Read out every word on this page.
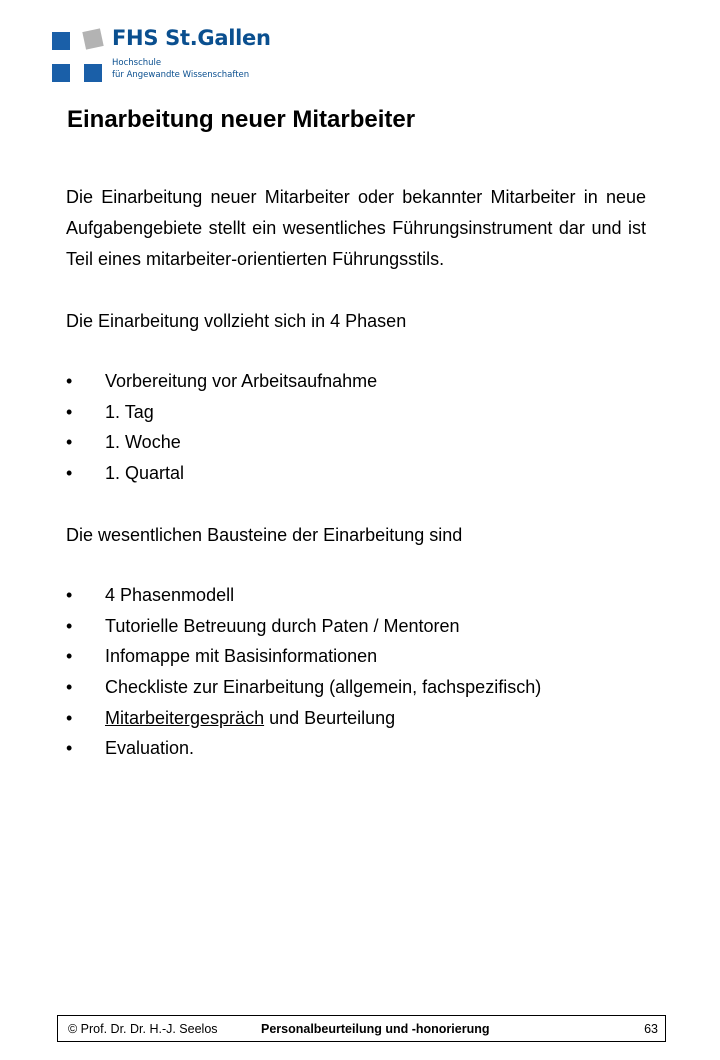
FHS St.Gallen
Hochschule
für Angewandte Wissenschaften
Einarbeitung neuer Mitarbeiter

Die Einarbeitung neuer Mitarbeiter oder bekannter Mitarbeiter in neue Aufgabengebiete stellt ein wesentliches Führungsinstrument dar und ist Teil eines mitarbeiter-orientierten Führungsstils.

Die Einarbeitung vollzieht sich in 4 Phasen

• Vorbereitung vor Arbeitsaufnahme
• 1. Tag
• 1. Woche
• 1. Quartal

Die wesentlichen Bausteine der Einarbeitung sind

• 4 Phasenmodell
• Tutorielle Betreuung durch Paten / Mentoren
• Infomappe mit Basisinformationen
• Checkliste zur Einarbeitung (allgemein, fachspezifisch)
• Mitarbeitergespräch und Beurteilung
• Evaluation.
© Prof. Dr. Dr. H.-J. Seelos	Personalbeurteilung und -honorierung	63
